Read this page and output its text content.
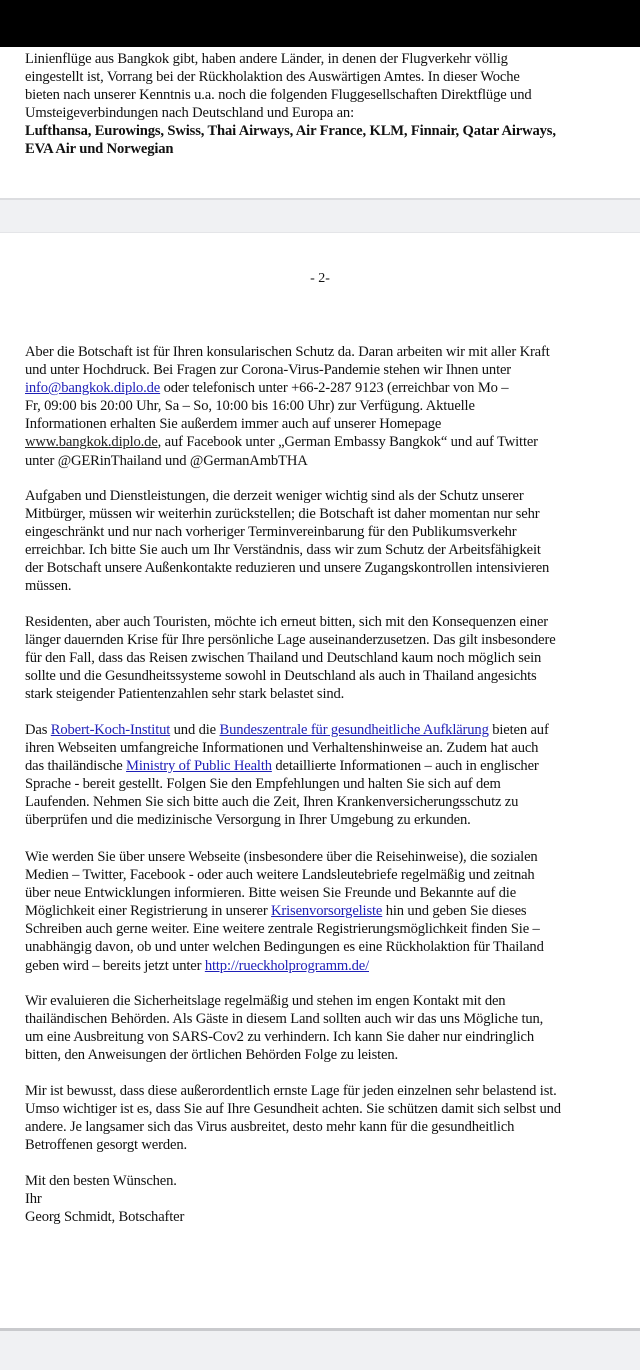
Linienflüge aus Bangkok gibt, haben andere Länder, in denen der Flugverkehr völlig
eingestellt ist, Vorrang bei der Rückholaktion des Auswärtigen Amtes. In dieser Woche
bieten nach unserer Kenntnis u.a. noch die folgenden Fluggesellschaften Direktflüge und
Umsteigeverbindungen nach Deutschland und Europa an:
Lufthansa, Eurowings, Swiss, Thai Airways, Air France, KLM, Finnair, Qatar Airways,
EVA Air und Norwegian
- 2-
Aber die Botschaft ist für Ihren konsularischen Schutz da. Daran arbeiten wir mit aller Kraft
und unter Hochdruck. Bei Fragen zur Corona-Virus-Pandemie stehen wir Ihnen unter
info@bangkok.diplo.de oder telefonisch unter +66-2-287 9123 (erreichbar von Mo –
Fr, 09:00 bis 20:00 Uhr, Sa – So, 10:00 bis 16:00 Uhr) zur Verfügung. Aktuelle
Informationen erhalten Sie außerdem immer auch auf unserer Homepage
www.bangkok.diplo.de, auf Facebook unter „German Embassy Bangkok“ und auf Twitter
unter @GERinThailand und @GermanAmbTHA
Aufgaben und Dienstleistungen, die derzeit weniger wichtig sind als der Schutz unserer
Mitbürger, müssen wir weiterhin zurückstellen; die Botschaft ist daher momentan nur sehr
eingeschränkt und nur nach vorheriger Terminvereinbarung für den Publikumsverkehr
erreichbar. Ich bitte Sie auch um Ihr Verständnis, dass wir zum Schutz der Arbeitsfähigkeit
der Botschaft unsere Außenkontakte reduzieren und unsere Zugangskontrollen intensivieren
müssen.
Residenten, aber auch Touristen, möchte ich erneut bitten, sich mit den Konsequenzen einer
länger dauernden Krise für Ihre persönliche Lage auseinanderzusetzen. Das gilt insbesondere
für den Fall, dass das Reisen zwischen Thailand und Deutschland kaum noch möglich sein
sollte und die Gesundheitssysteme sowohl in Deutschland als auch in Thailand angesichts
stark steigender Patientenzahlen sehr stark belastet sind.
Das Robert-Koch-Institut und die Bundeszentrale für gesundheitliche Aufklärung bieten auf
ihren Webseiten umfangreiche Informationen und Verhaltenshinweise an. Zudem hat auch
das thailändische Ministry of Public Health detaillierte Informationen – auch in englischer
Sprache - bereit gestellt. Folgen Sie den Empfehlungen und halten Sie sich auf dem
Laufenden. Nehmen Sie sich bitte auch die Zeit, Ihren Krankenversicherungsschutz zu
überprüfen und die medizinische Versorgung in Ihrer Umgebung zu erkunden.
Wie werden Sie über unsere Webseite (insbesondere über die Reisehinweise), die sozialen
Medien – Twitter, Facebook - oder auch weitere Landsleutebriefe regelmäßig und zeitnah
über neue Entwicklungen informieren. Bitte weisen Sie Freunde und Bekannte auf die
Möglichkeit einer Registrierung in unserer Krisenvorsorgeliste hin und geben Sie dieses
Schreiben auch gerne weiter. Eine weitere zentrale Registrierungsmöglichkeit finden Sie –
unabhängig davon, ob und unter welchen Bedingungen es eine Rückholaktion für Thailand
geben wird – bereits jetzt unter http://rueckholprogramm.de/
Wir evaluieren die Sicherheitslage regelmäßig und stehen im engen Kontakt mit den
thailändischen Behörden. Als Gäste in diesem Land sollten auch wir das uns Mögliche tun,
um eine Ausbreitung von SARS-Cov2 zu verhindern. Ich kann Sie daher nur eindringlich
bitten, den Anweisungen der örtlichen Behörden Folge zu leisten.
Mir ist bewusst, dass diese außerordentlich ernste Lage für jeden einzelnen sehr belastend ist.
Umso wichtiger ist es, dass Sie auf Ihre Gesundheit achten. Sie schützen damit sich selbst und
andere. Je langsamer sich das Virus ausbreitet, desto mehr kann für die gesundheitlich
Betroffenen gesorgt werden.
Mit den besten Wünschen.
Ihr
Georg Schmidt, Botschafter
